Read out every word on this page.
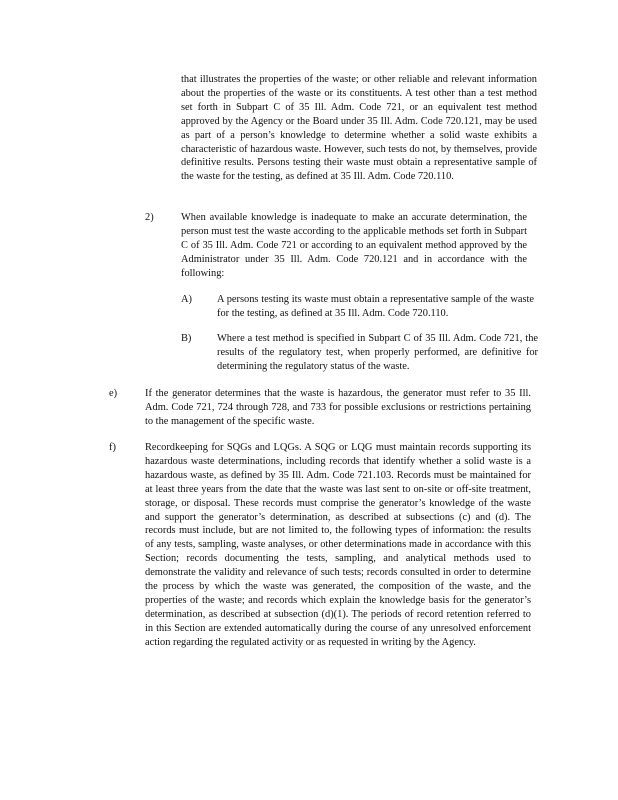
that illustrates the properties of the waste; or other reliable and relevant information about the properties of the waste or its constituents. A test other than a test method set forth in Subpart C of 35 Ill. Adm. Code 721, or an equivalent test method approved by the Agency or the Board under 35 Ill. Adm. Code 720.121, may be used as part of a person’s knowledge to determine whether a solid waste exhibits a characteristic of hazardous waste. However, such tests do not, by themselves, provide definitive results. Persons testing their waste must obtain a representative sample of the waste for the testing, as defined at 35 Ill. Adm. Code 720.110.

2)	When available knowledge is inadequate to make an accurate determination, the person must test the waste according to the applicable methods set forth in Subpart C of 35 Ill. Adm. Code 721 or according to an equivalent method approved by the Administrator under 35 Ill. Adm. Code 720.121 and in accordance with the following:

A) A persons testing its waste must obtain a representative sample of the waste for the testing, as defined at 35 Ill. Adm. Code 720.110.

B) Where a test method is specified in Subpart C of 35 Ill. Adm. Code 721, the results of the regulatory test, when properly performed, are definitive for determining the regulatory status of the waste.

e)	If the generator determines that the waste is hazardous, the generator must refer to 35 Ill. Adm. Code 721, 724 through 728, and 733 for possible exclusions or restrictions pertaining to the management of the specific waste.

f)	Recordkeeping for SQGs and LQGs. A SQG or LQG must maintain records supporting its hazardous waste determinations, including records that identify whether a solid waste is a hazardous waste, as defined by 35 Ill. Adm. Code 721.103. Records must be maintained for at least three years from the date that the waste was last sent to on-site or off-site treatment, storage, or disposal. These records must comprise the generator’s knowledge of the waste and support the generator’s determination, as described at subsections (c) and (d). The records must include, but are not limited to, the following types of information: the results of any tests, sampling, waste analyses, or other determinations made in accordance with this Section; records documenting the tests, sampling, and analytical methods used to demonstrate the validity and relevance of such tests; records consulted in order to determine the process by which the waste was generated, the composition of the waste, and the properties of the waste; and records which explain the knowledge basis for the generator’s determination, as described at subsection (d)(1). The periods of record retention referred to in this Section are extended automatically during the course of any unresolved enforcement action regarding the regulated activity or as requested in writing by the Agency.
